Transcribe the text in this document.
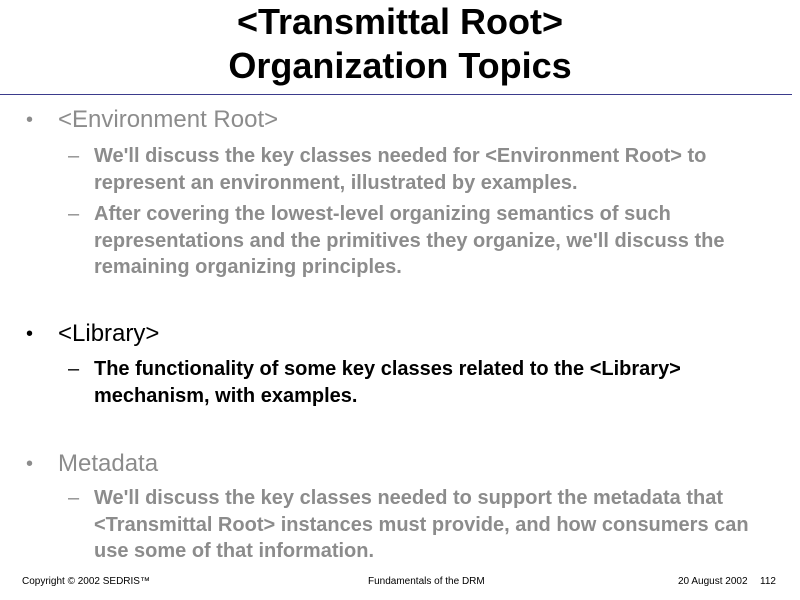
<Transmittal Root>
Organization Topics
• <Environment Root>
– We'll discuss the key classes needed for <Environment Root> to represent an environment, illustrated by examples.
– After covering the lowest-level organizing semantics of such representations and the primitives they organize, we'll discuss the remaining organizing principles.
• <Library>
– The functionality of some key classes related to the <Library> mechanism, with examples.
• Metadata
– We'll discuss the key classes needed to support the metadata that <Transmittal Root> instances must provide, and how consumers can use some of that information.
Copyright © 2002 SEDRIS™	Fundamentals of the DRM	20 August 2002 112
